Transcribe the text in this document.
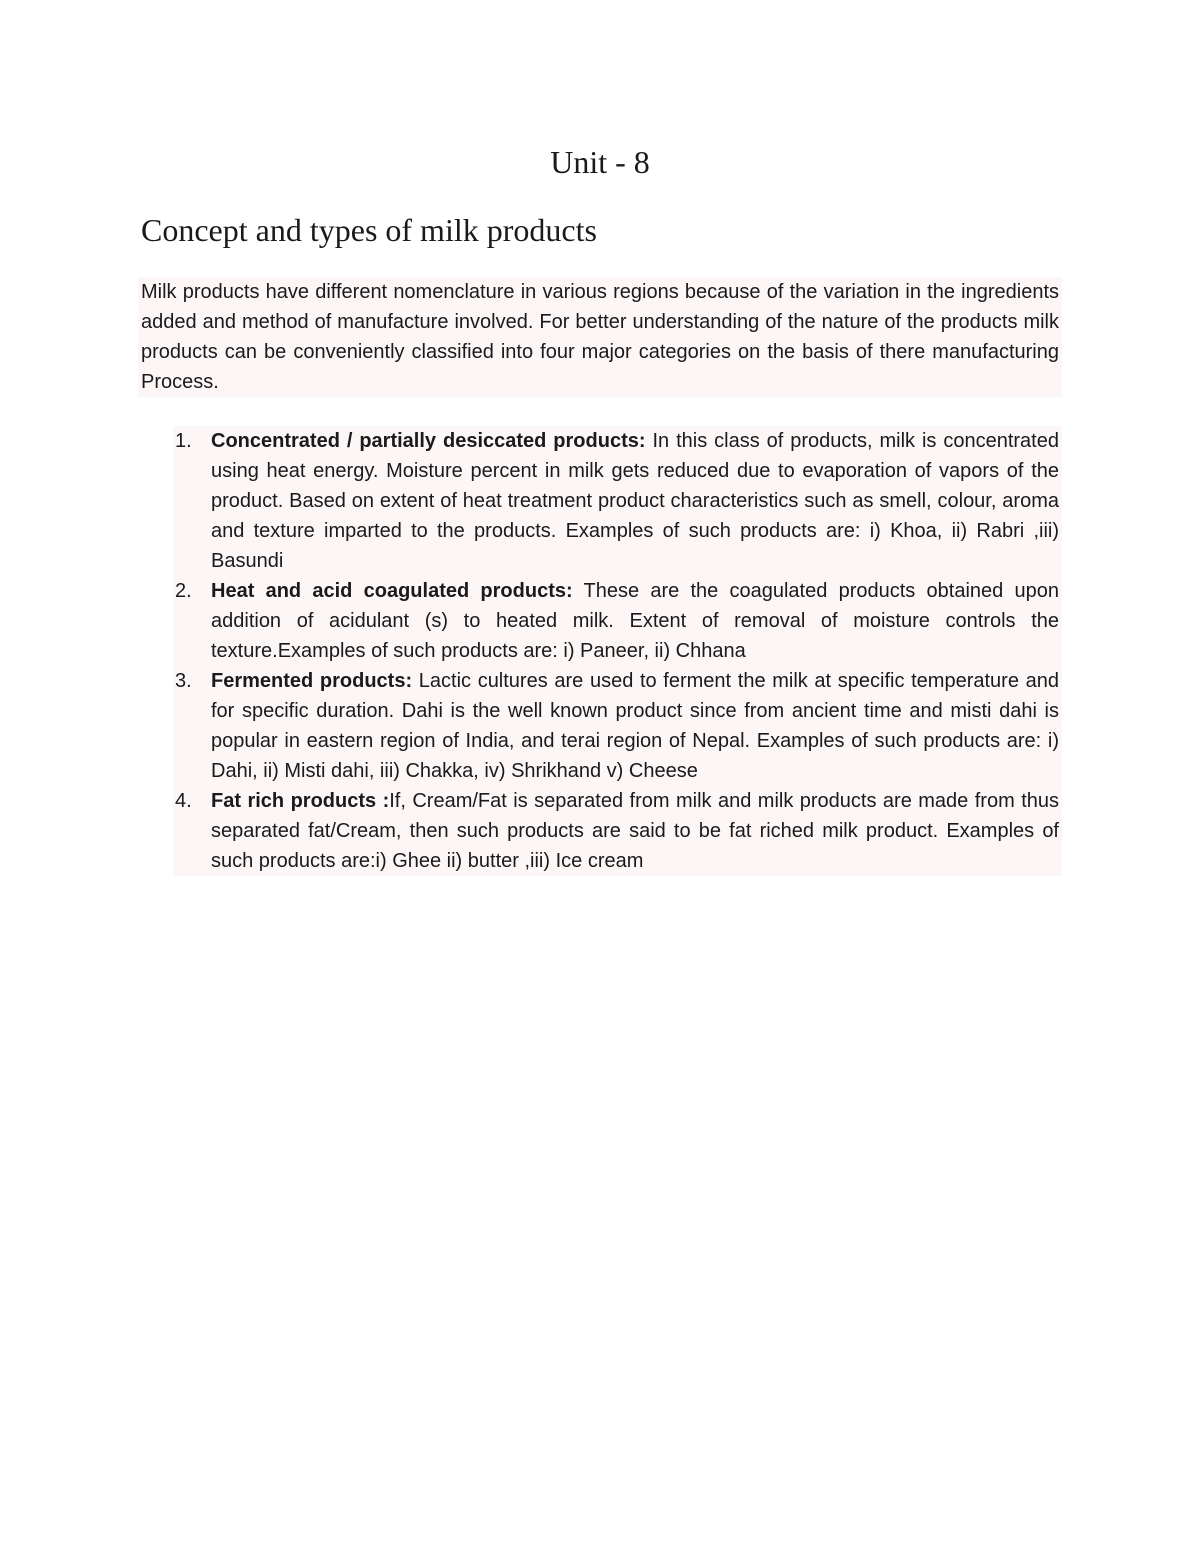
Unit - 8
Concept and types of milk products

Milk products have different nomenclature in various regions because of the variation in the ingredients added and method of manufacture involved. For better understanding of the nature of the products milk products can be conveniently classified into four major categories on the basis of there manufacturing Process.

1. Concentrated / partially desiccated products: In this class of products, milk is concentrated using heat energy. Moisture percent in milk gets reduced due to evaporation of vapors of the product. Based on extent of heat treatment product characteristics such as smell, colour, aroma and texture imparted to the products. Examples of such products are: i) Khoa, ii) Rabri ,iii) Basundi
2. Heat and acid coagulated products: These are the coagulated products obtained upon addition of acidulant (s) to heated milk. Extent of removal of moisture controls the texture.Examples of such products are: i) Paneer, ii) Chhana
3. Fermented products: Lactic cultures are used to ferment the milk at specific temperature and for specific duration. Dahi is the well known product since from ancient time and misti dahi is popular in eastern region of India, and terai region of Nepal. Examples of such products are: i) Dahi, ii) Misti dahi, iii) Chakka, iv) Shrikhand v) Cheese
4. Fat rich products :If, Cream/Fat is separated from milk and milk products are made from thus separated fat/Cream, then such products are said to be fat riched milk product. Examples of such products are:i) Ghee ii) butter ,iii) Ice cream
